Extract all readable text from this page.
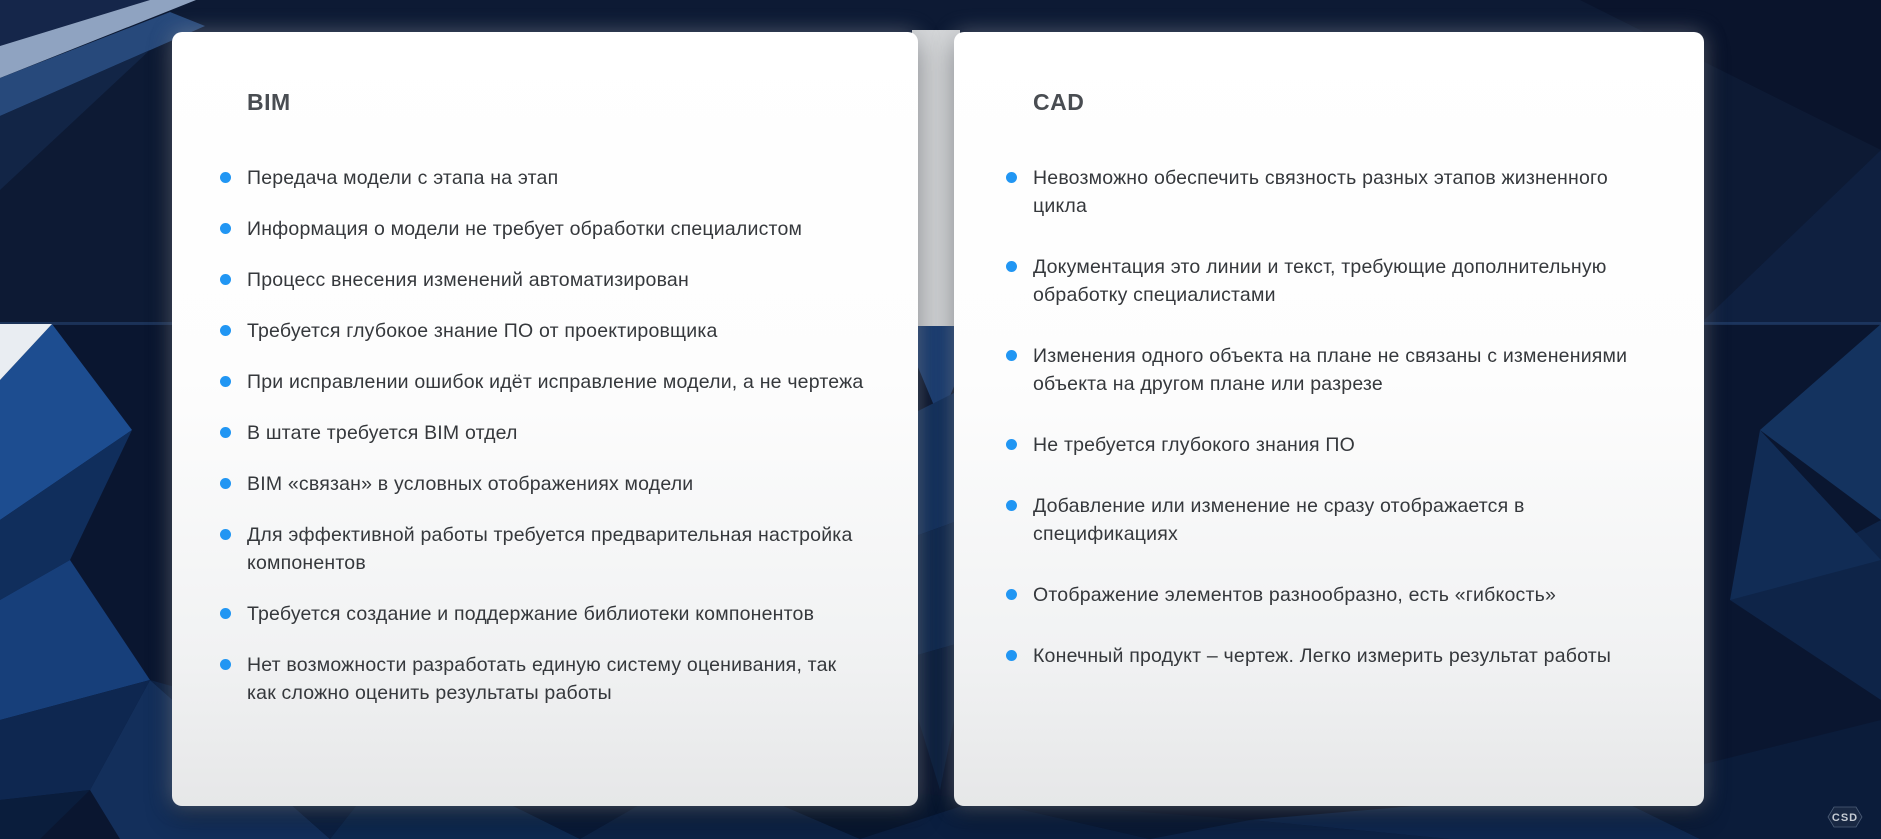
BIM
Передача модели с этапа на этап
Информация о модели не требует обработки специалистом
Процесс внесения изменений автоматизирован
Требуется глубокое знание ПО от проектировщика
При исправлении ошибок идёт исправление модели, а не чертежа
В штате требуется BIM отдел
BIM «связан» в условных отображениях модели
Для эффективной работы требуется предварительная настройка компонентов
Требуется создание и поддержание библиотеки компонентов
Нет возможности разработать единую систему оценивания, так как сложно оценить результаты работы
CAD
Невозможно обеспечить связность разных этапов жизненного цикла
Документация это линии и текст, требующие дополнительную обработку специалистами
Изменения одного объекта на плане не связаны с изменениями объекта на другом плане или разрезе
Не требуется глубокого знания ПО
Добавление или изменение не сразу отображается в спецификациях
Отображение элементов разнообразно, есть «гибкость»
Конечный продукт – чертеж. Легко измерить результат работы
CSD
